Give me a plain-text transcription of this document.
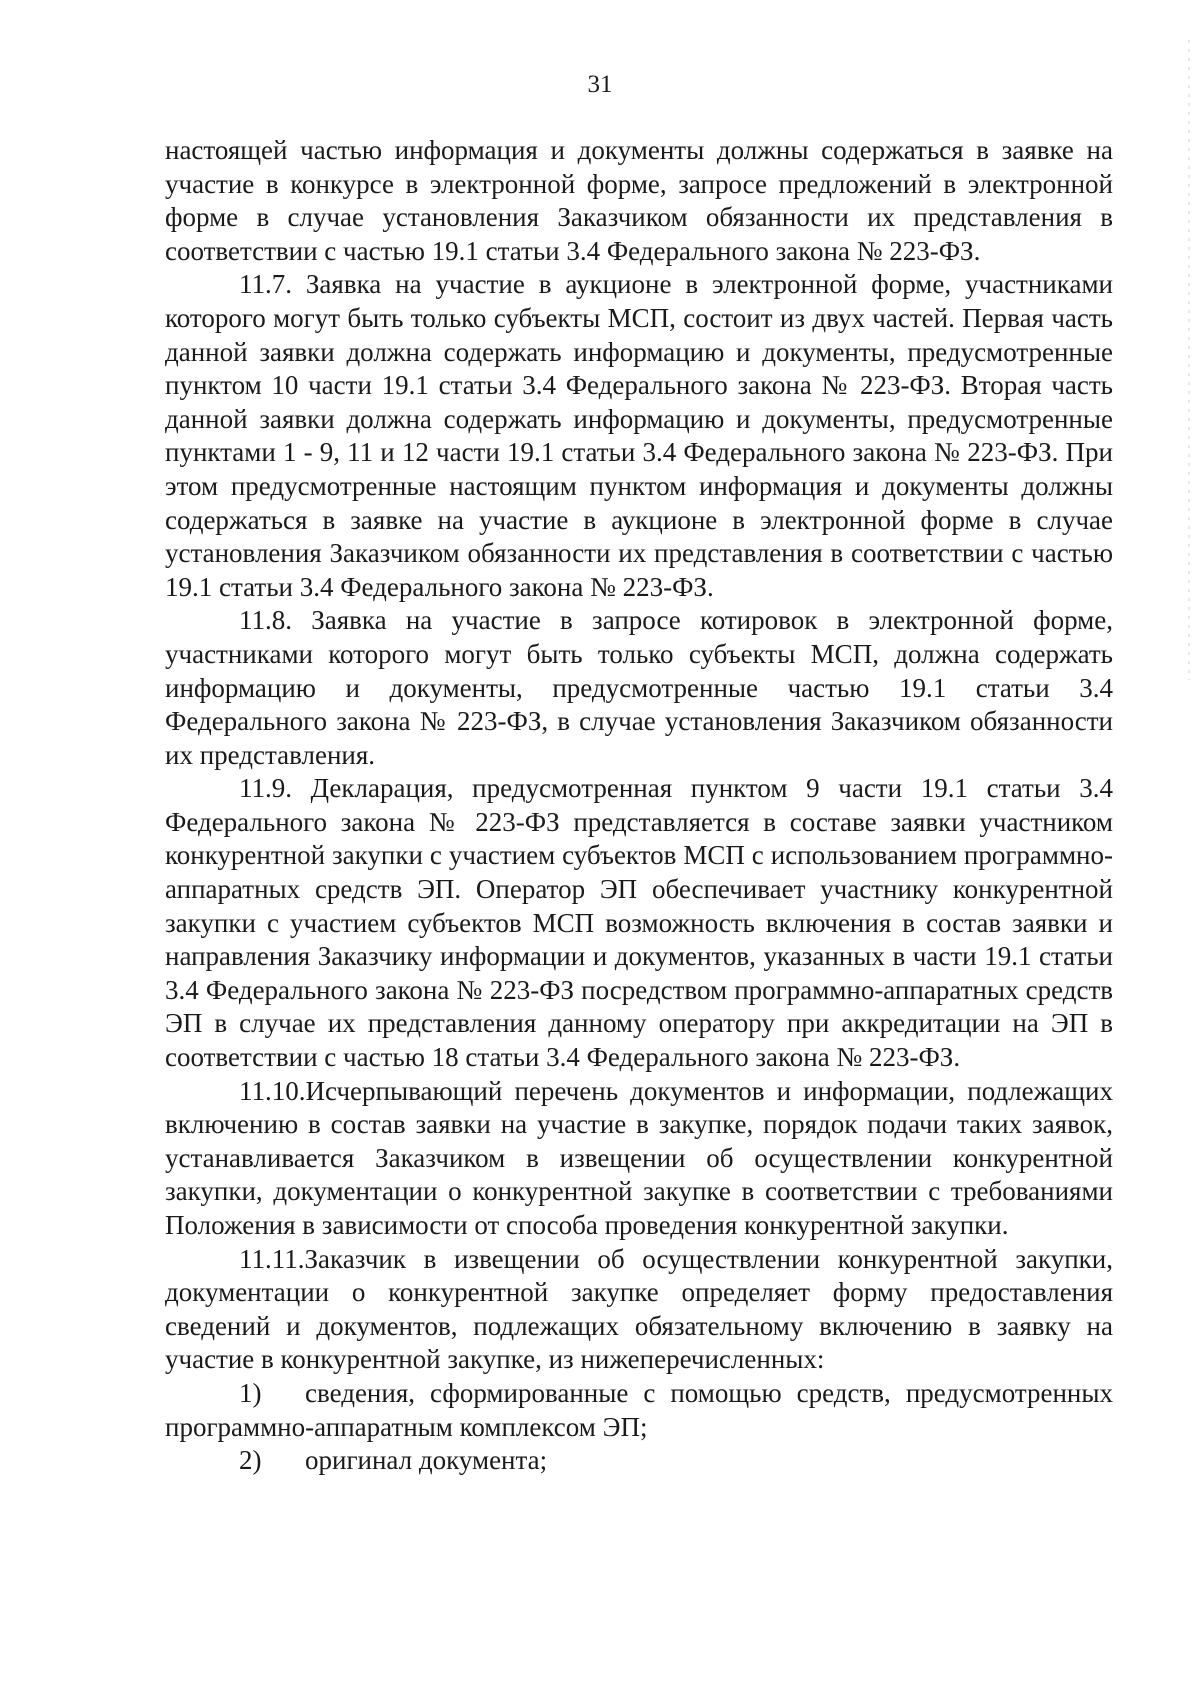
31

настоящей частью информация и документы должны содержаться в заявке на участие в конкурсе в электронной форме, запросе предложений в электронной форме в случае установления Заказчиком обязанности их представления в соответствии с частью 19.1 статьи 3.4 Федерального закона № 223-ФЗ.

11.7. Заявка на участие в аукционе в электронной форме, участниками которого могут быть только субъекты МСП, состоит из двух частей. Первая часть данной заявки должна содержать информацию и документы, предусмотренные пунктом 10 части 19.1 статьи 3.4 Федерального закона № 223-ФЗ. Вторая часть данной заявки должна содержать информацию и документы, предусмотренные пунктами 1 - 9, 11 и 12 части 19.1 статьи 3.4 Федерального закона № 223-ФЗ. При этом предусмотренные настоящим пунктом информация и документы должны содержаться в заявке на участие в аукционе в электронной форме в случае установления Заказчиком обязанности их представления в соответствии с частью 19.1 статьи 3.4 Федерального закона № 223-ФЗ.

11.8. Заявка на участие в запросе котировок в электронной форме, участниками которого могут быть только субъекты МСП, должна содержать информацию и документы, предусмотренные частью 19.1 статьи 3.4 Федерального закона № 223-ФЗ, в случае установления Заказчиком обязанности их представления.

11.9. Декларация, предусмотренная пунктом 9 части 19.1 статьи 3.4 Федерального закона № 223-ФЗ представляется в составе заявки участником конкурентной закупки с участием субъектов МСП с использованием программно-аппаратных средств ЭП. Оператор ЭП обеспечивает участнику конкурентной закупки с участием субъектов МСП возможность включения в состав заявки и направления Заказчику информации и документов, указанных в части 19.1 статьи 3.4 Федерального закона № 223-ФЗ посредством программно-аппаратных средств ЭП в случае их представления данному оператору при аккредитации на ЭП в соответствии с частью 18 статьи 3.4 Федерального закона № 223-ФЗ.

11.10.Исчерпывающий перечень документов и информации, подлежащих включению в состав заявки на участие в закупке, порядок подачи таких заявок, устанавливается Заказчиком в извещении об осуществлении конкурентной закупки, документации о конкурентной закупке в соответствии с требованиями Положения в зависимости от способа проведения конкурентной закупки.

11.11.Заказчик в извещении об осуществлении конкурентной закупки, документации о конкурентной закупке определяет форму предоставления сведений и документов, подлежащих обязательному включению в заявку на участие в конкурентной закупке, из нижеперечисленных:

1) сведения, сформированные с помощью средств, предусмотренных программно-аппаратным комплексом ЭП;

2) оригинал документа;
